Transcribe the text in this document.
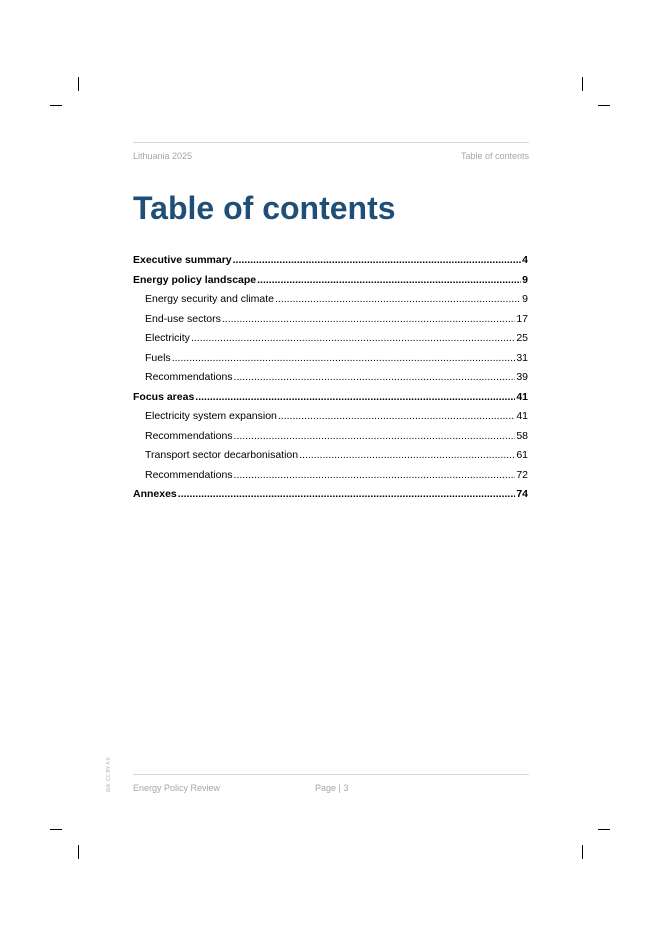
Lithuania 2025	Table of contents
Table of contents
Executive summary .....	4
Energy policy landscape .....	9
Energy security and climate .....	9
End-use sectors .....	17
Electricity .....	25
Fuels .....	31
Recommendations .....	39
Focus areas .....	41
Electricity system expansion .....	41
Recommendations .....	58
Transport sector decarbonisation .....	61
Recommendations .....	72
Annexes .....	74
IEA. CC BY 4.0. Energy Policy Review	Page | 3
